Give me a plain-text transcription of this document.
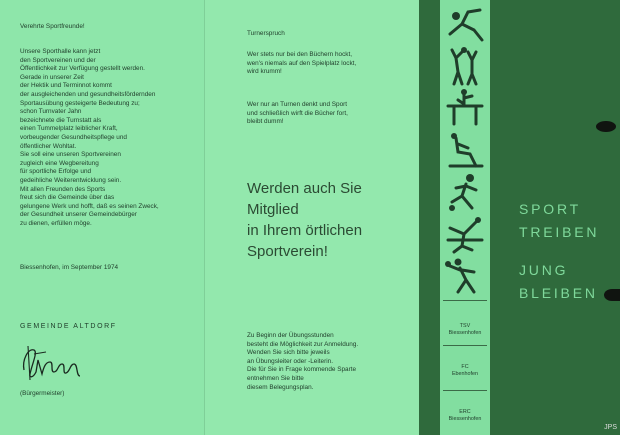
Verehrte Sportfreunde!
Unsere Sporthalle kann jetzt
den Sportvereinen und der
Öffentlichkeit zur Verfügung gestellt werden.
Gerade in unserer Zeit
der Hektik und Terminnot kommt
der ausgleichenden und gesundheitsfördernden
Sportausübung gesteigerte Bedeutung zu;
schon Turnvater Jahn
bezeichnete die Turnstatt als
einen Tummelplatz leiblicher Kraft,
vorbeugender Gesundheitspflege und
öffentlicher Wohltat.
Sie soll eine unseren Sportvereinen
zugleich eine Wegbereitung
für sportliche Erfolge und
gedeihliche Weiterentwicklung sein.
Mit allen Freunden des Sports
freut sich die Gemeinde über das
gelungene Werk und hofft, daß es seinen Zweck,
der Gesundheit unserer Gemeindebürger
zu dienen, erfüllen möge.
Biessenhofen, im September 1974
GEMEINDE ALTDORF
(Bürgermeister)
Turnerspruch
Wer stets nur bei den Büchern hockt,
wen's niemals auf den Spielplatz lockt,
wird krumm!
Wer nur an Turnen denkt und Sport
und schließlich wirft die Bücher fort,
bleibt dumm!
Werden auch Sie
Mitglied
in Ihrem örtlichen
Sportverein!
Zu Beginn der Übungsstunden
besteht die Möglichkeit zur Anmeldung.
Wenden Sie sich bitte jeweils
an Übungsleiter oder -Leiterin.
Die für Sie in Frage kommende Sparte
entnehmen Sie bitte
diesem Belegungsplan.
TSV
Biessenhofen
FC
Ebenhofen
ERC
Biessenhofen
SPORT
TREIBEN
JUNG
BLEIBEN
JPS
